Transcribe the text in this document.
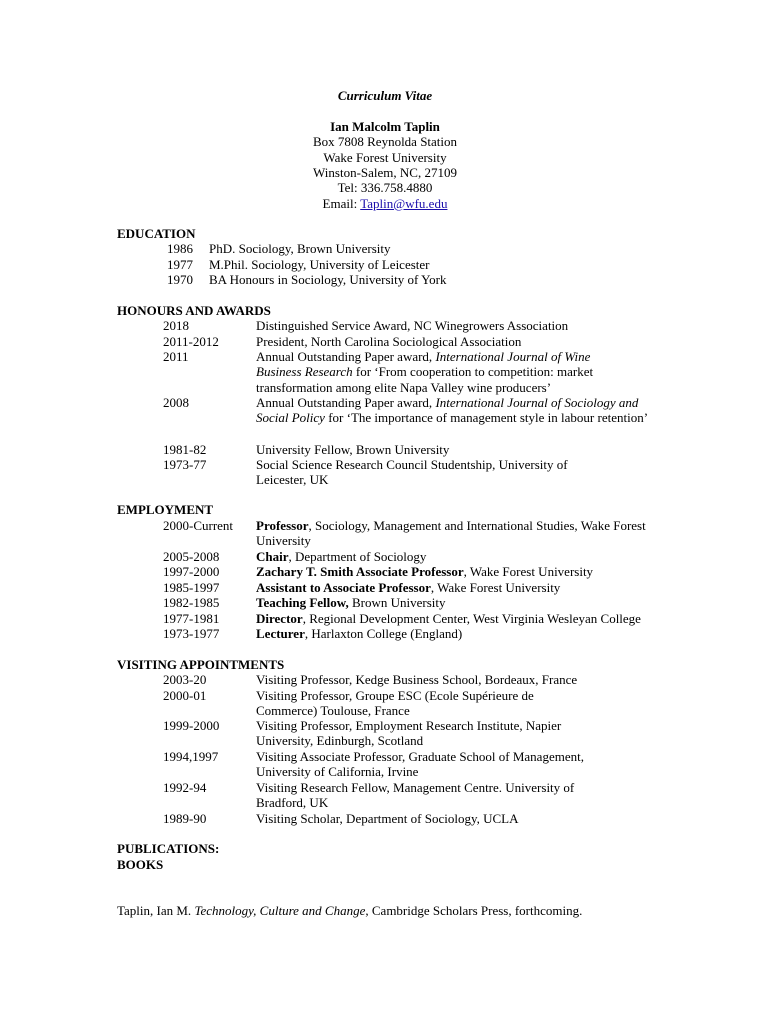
Curriculum Vitae
Ian Malcolm Taplin
Box 7808 Reynolda Station
Wake Forest University
Winston-Salem, NC, 27109
Tel: 336.758.4880
Email: Taplin@wfu.edu
EDUCATION
1986 PhD. Sociology, Brown University
1977 M.Phil. Sociology, University of Leicester
1970 BA Honours in Sociology, University of York
HONOURS AND AWARDS
2018	Distinguished Service Award, NC Winegrowers Association
2011-2012	President, North Carolina Sociological Association
2011	Annual Outstanding Paper award, International Journal of Wine Business Research for ‘From cooperation to competition: market transformation among elite Napa Valley wine producers’
2008	Annual Outstanding Paper award, International Journal of Sociology and Social Policy for ‘The importance of management style in labour retention’
1981-82	University Fellow, Brown University
1973-77	Social Science Research Council Studentship, University of Leicester, UK
EMPLOYMENT
2000-Current Professor, Sociology, Management and International Studies, Wake Forest University
2005-2008	Chair, Department of Sociology
1997-2000	Zachary T. Smith Associate Professor, Wake Forest University
1985-1997	Assistant to Associate Professor, Wake Forest University
1982-1985	Teaching Fellow, Brown University
1977-1981	Director, Regional Development Center, West Virginia Wesleyan College
1973-1977	Lecturer, Harlaxton College (England)
VISITING APPOINTMENTS
2003-20	Visiting Professor, Kedge Business School, Bordeaux, France
2000-01	Visiting Professor, Groupe ESC (Ecole Supérieure de Commerce) Toulouse, France
1999-2000	Visiting Professor, Employment Research Institute, Napier University, Edinburgh, Scotland
1994,1997	Visiting Associate Professor, Graduate School of Management, University of California, Irvine
1992-94	Visiting Research Fellow, Management Centre. University of Bradford, UK
1989-90	Visiting Scholar, Department of Sociology, UCLA
PUBLICATIONS:
BOOKS
Taplin, Ian M. Technology, Culture and Change, Cambridge Scholars Press, forthcoming.
